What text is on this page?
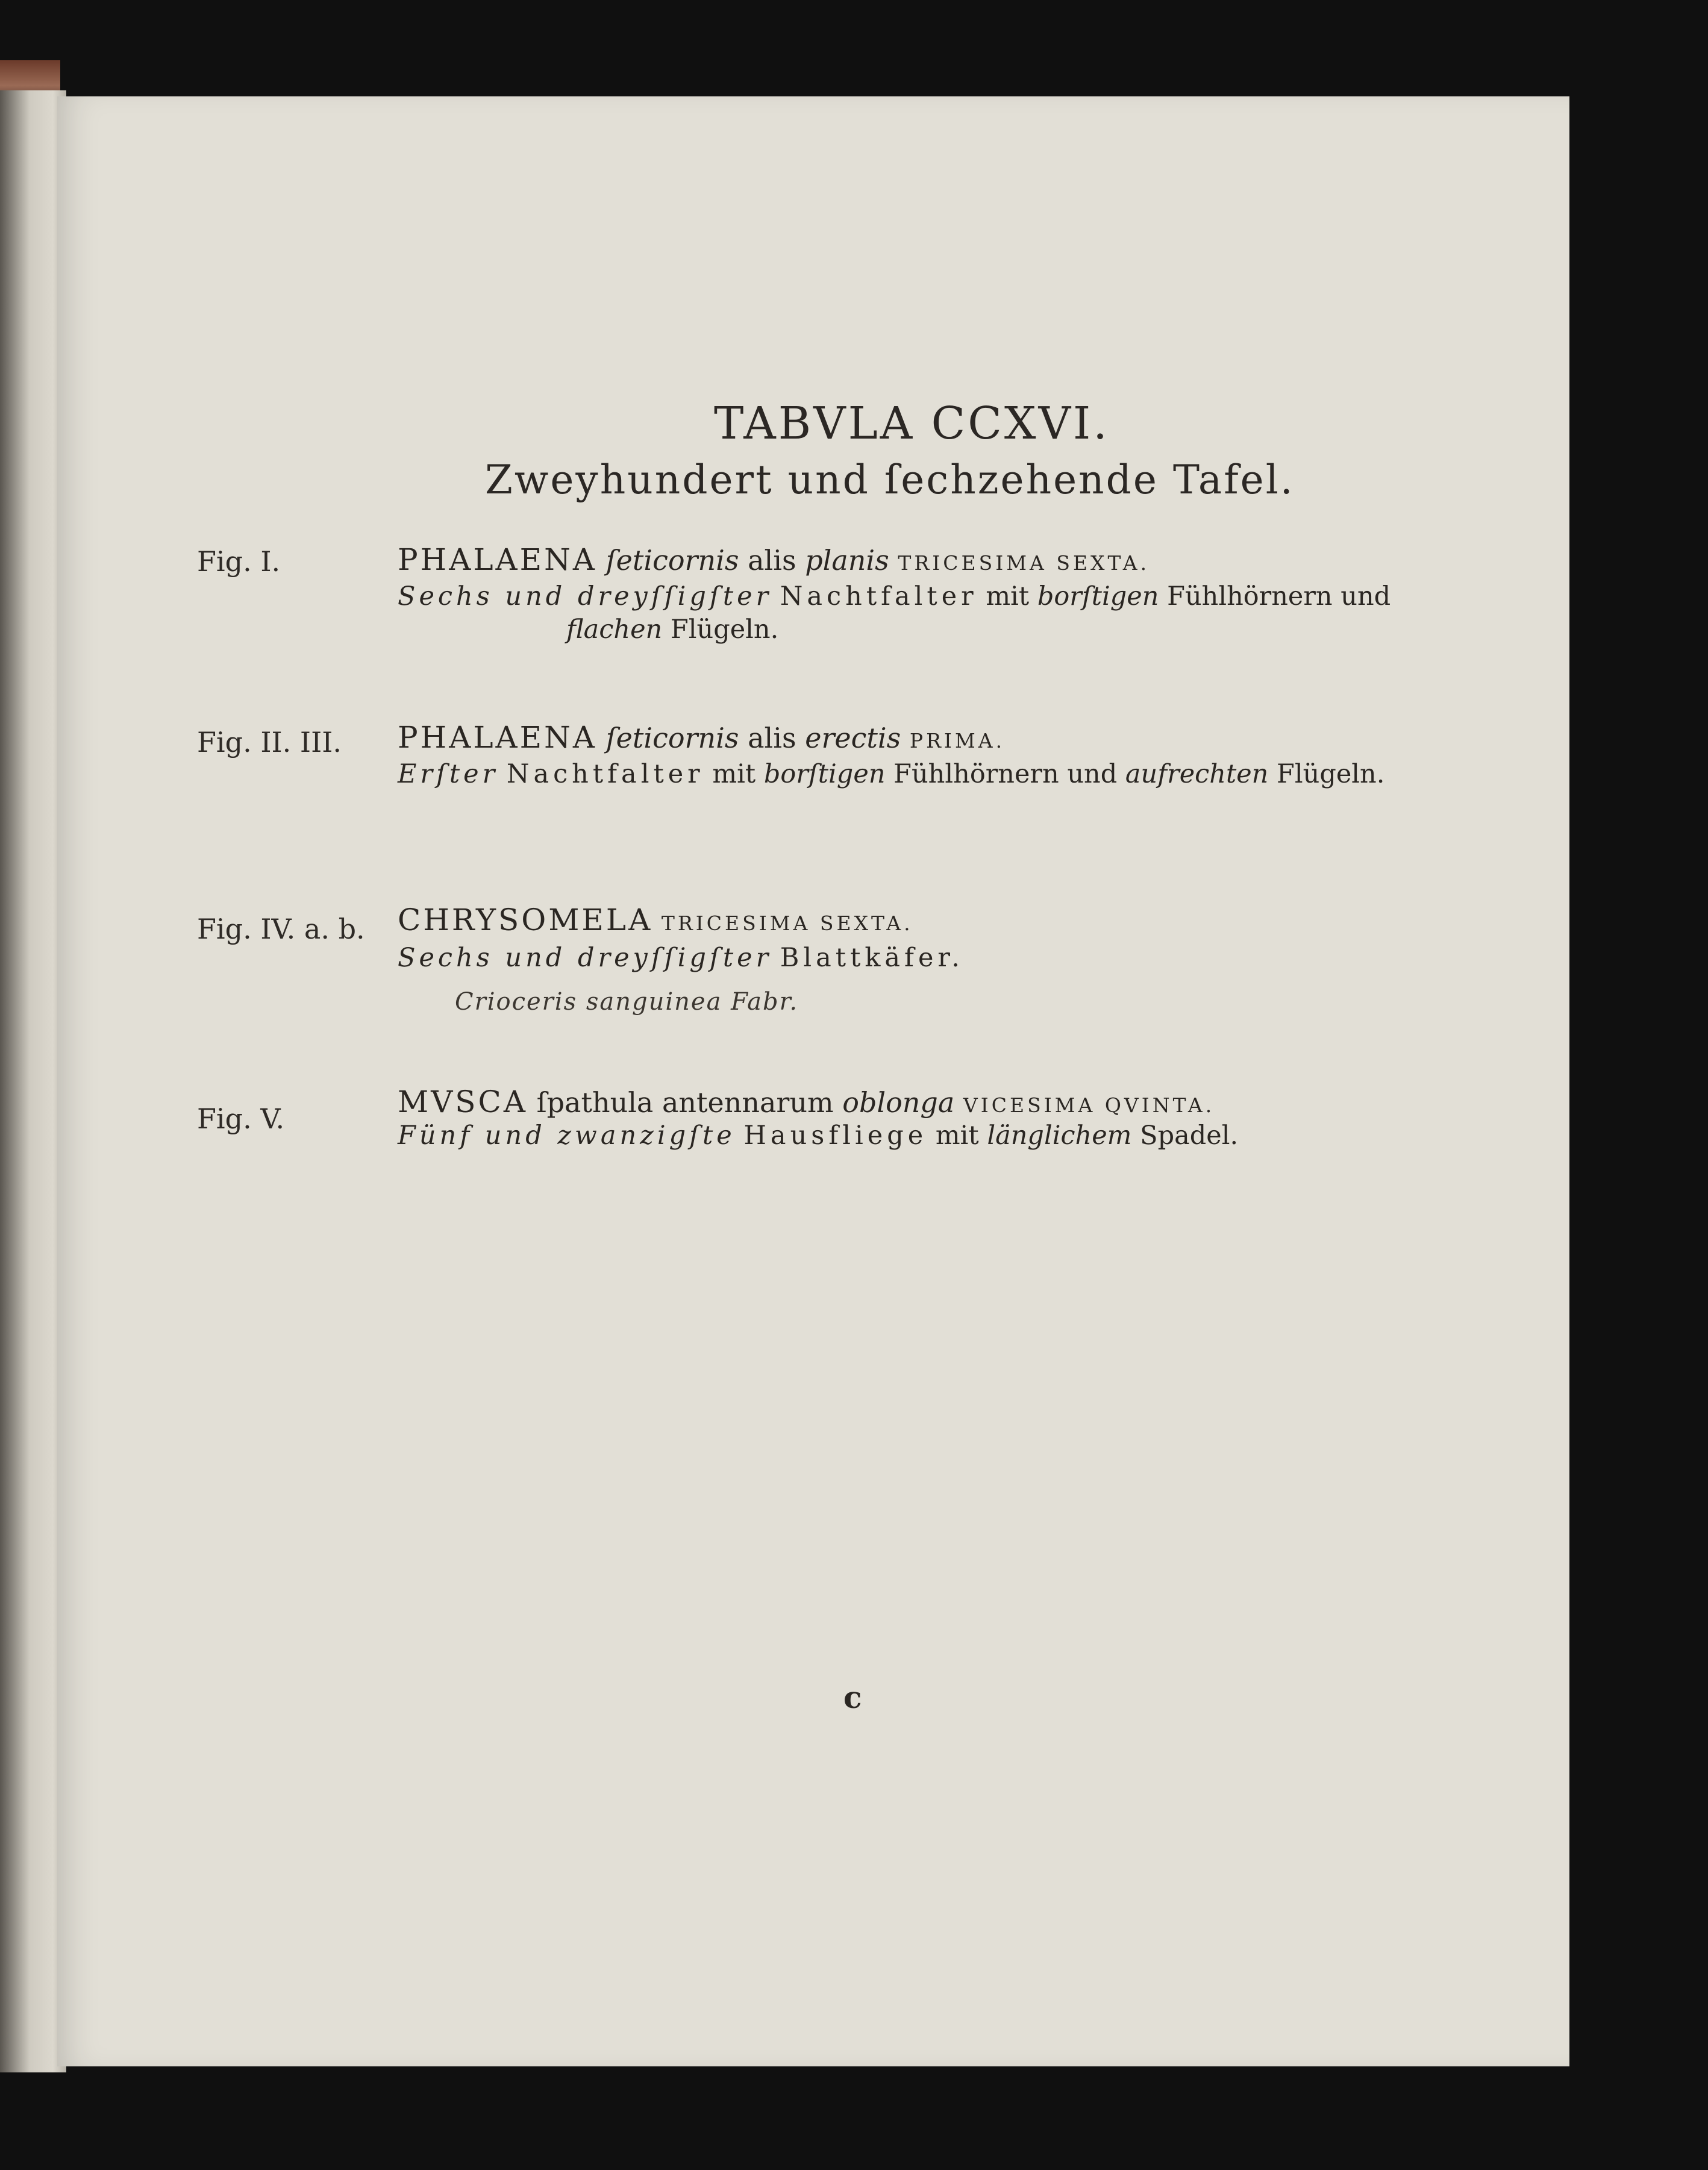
TABVLA CCXVI.
Zweyhundert und ſechzehende Tafel.
Fig. I.	PHALAENA ſeticornis alis planis TRICESIMA SEXTA.
Sechs und dreyſſigſter Nachtfalter mit borſtigen Fühlhörnern und
flachen Flügeln.
Fig. II. III. PHALAENA ſeticornis alis erectis PRIMA.
Erſter Nachtfalter mit borſtigen Fühlhörnern und aufrechten Flügeln.
Fig. IV. a. b. CHRYSOMELA TRICESIMA SEXTA.
Sechs und dreyſſigſter Blattkäfer.
Crioceris sanguinea Fabr.
Fig. V.	MVSCA ſpathula antennarum oblonga VICESIMA QVINTA.
Fünf und zwanzigſte Hausfliege mit länglichem Spadel.
c
